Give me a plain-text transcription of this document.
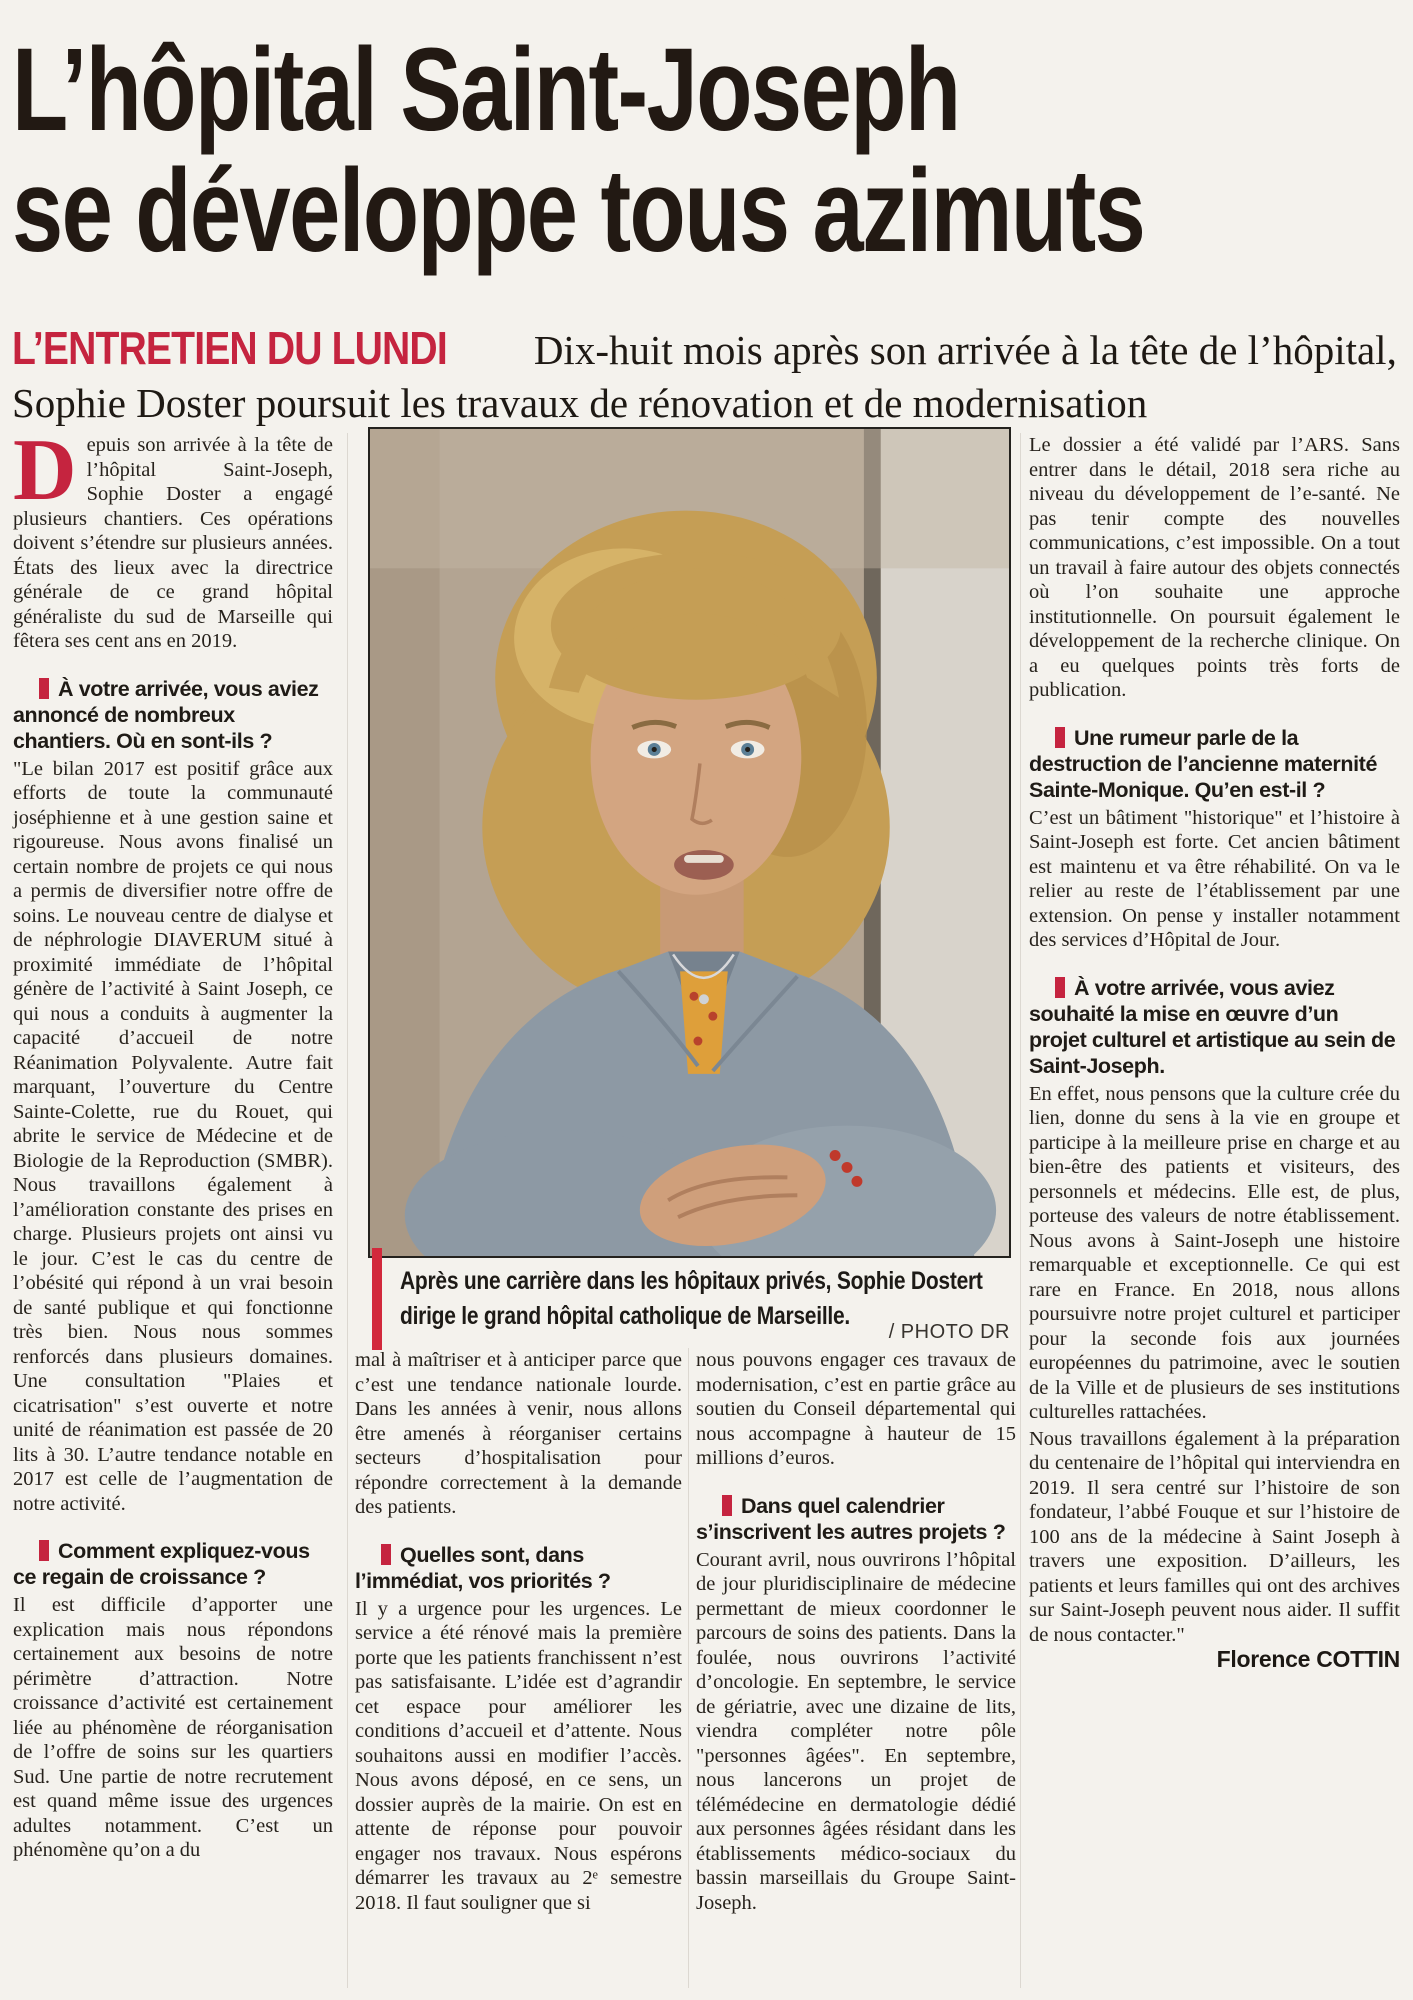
L’hôpital Saint-Joseph
se développe tous azimuts
L’ENTRETIEN DU LUNDI Dix-huit mois après son arrivée à la tête de l’hôpital,
Sophie Doster poursuit les travaux de rénovation et de modernisation

Depuis son arrivée à la tête de l’hôpital Saint-Joseph, Sophie Doster a engagé plusieurs chantiers. Ces opérations doivent s’étendre sur plusieurs années. États des lieux avec la directrice générale de ce grand hôpital généraliste du sud de Marseille qui fêtera ses cent ans en 2019.

À votre arrivée, vous aviez annoncé de nombreux chantiers. Où en sont-ils ?

"Le bilan 2017 est positif grâce aux efforts de toute la communauté joséphienne et à une gestion saine et rigoureuse. Nous avons finalisé un certain nombre de projets ce qui nous a permis de diversifier notre offre de soins. Le nouveau centre de dialyse et de néphrologie DIAVERUM situé à proximité immédiate de l’hôpital génère de l’activité à Saint Joseph, ce qui nous a conduits à augmenter la capacité d’accueil de notre Réanimation Polyvalente. Autre fait marquant, l’ouverture du Centre Sainte-Colette, rue du Rouet, qui abrite le service de Médecine et de Biologie de la Reproduction (SMBR). Nous travaillons également à l’amélioration constante des prises en charge. Plusieurs projets ont ainsi vu le jour. C’est le cas du centre de l’obésité qui répond à un vrai besoin de santé publique et qui fonctionne très bien. Nous nous sommes renforcés dans plusieurs domaines. Une consultation "Plaies et cicatrisation" s’est ouverte et notre unité de réanimation est passée de 20 lits à 30. L’autre tendance notable en 2017 est celle de l’augmentation de notre activité.

Comment expliquez-vous ce regain de croissance ?

Il est difficile d’apporter une explication mais nous répondons certainement aux besoins de notre périmètre d’attraction. Notre croissance d’activité est certainement liée au phénomène de réorganisation de l’offre de soins sur les quartiers Sud. Une partie de notre recrutement est quand même issue des urgences adultes notamment. C’est un phénomène qu’on a du

Après une carrière dans les hôpitaux privés, Sophie Dostert dirige le grand hôpital catholique de Marseille.
/ PHOTO DR

mal à maîtriser et à anticiper parce que c’est une tendance nationale lourde. Dans les années à venir, nous allons être amenés à réorganiser certains secteurs d’hospitalisation pour répondre correctement à la demande des patients.

Quelles sont, dans l’immédiat, vos priorités ?

Il y a urgence pour les urgences. Le service a été rénové mais la première porte que les patients franchissent n’est pas satisfaisante. L’idée est d’agrandir cet espace pour améliorer les conditions d’accueil et d’attente. Nous souhaitons aussi en modifier l’accès. Nous avons déposé, en ce sens, un dossier auprès de la mairie. On est en attente de réponse pour pouvoir engager nos travaux. Nous espérons démarrer les travaux au 2ᵉ semestre 2018. Il faut souligner que si

nous pouvons engager ces travaux de modernisation, c’est en partie grâce au soutien du Conseil départemental qui nous accompagne à hauteur de 15 millions d’euros.

Dans quel calendrier s’inscrivent les autres projets ?

Courant avril, nous ouvrirons l’hôpital de jour pluridisciplinaire de médecine permettant de mieux coordonner le parcours de soins des patients. Dans la foulée, nous ouvrirons l’activité d’oncologie. En septembre, le service de gériatrie, avec une dizaine de lits, viendra compléter notre pôle "personnes âgées". En septembre, nous lancerons un projet de télémédecine en dermatologie dédié aux personnes âgées résidant dans les établissements médico-sociaux du bassin marseillais du Groupe Saint-Joseph.

Le dossier a été validé par l’ARS. Sans entrer dans le détail, 2018 sera riche au niveau du développement de l’e-santé. Ne pas tenir compte des nouvelles communications, c’est impossible. On a tout un travail à faire autour des objets connectés où l’on souhaite une approche institutionnelle. On poursuit également le développement de la recherche clinique. On a eu quelques points très forts de publication.

Une rumeur parle de la destruction de l’ancienne maternité Sainte-Monique. Qu’en est-il ?

C’est un bâtiment "historique" et l’histoire à Saint-Joseph est forte. Cet ancien bâtiment est maintenu et va être réhabilité. On va le relier au reste de l’établissement par une extension. On pense y installer notamment des services d’Hôpital de Jour.

À votre arrivée, vous aviez souhaité la mise en œuvre d’un projet culturel et artistique au sein de Saint-Joseph.

En effet, nous pensons que la culture crée du lien, donne du sens à la vie en groupe et participe à la meilleure prise en charge et au bien-être des patients et visiteurs, des personnels et médecins. Elle est, de plus, porteuse des valeurs de notre établissement. Nous avons à Saint-Joseph une histoire remarquable et exceptionnelle. Ce qui est rare en France. En 2018, nous allons poursuivre notre projet culturel et participer pour la seconde fois aux journées européennes du patrimoine, avec le soutien de la Ville et de plusieurs de ses institutions culturelles rattachées.

Nous travaillons également à la préparation du centenaire de l’hôpital qui interviendra en 2019. Il sera centré sur l’histoire de son fondateur, l’abbé Fouque et sur l’histoire de 100 ans de la médecine à Saint Joseph à travers une exposition. D’ailleurs, les patients et leurs familles qui ont des archives sur Saint-Joseph peuvent nous aider. Il suffit de nous contacter."

Florence COTTIN
